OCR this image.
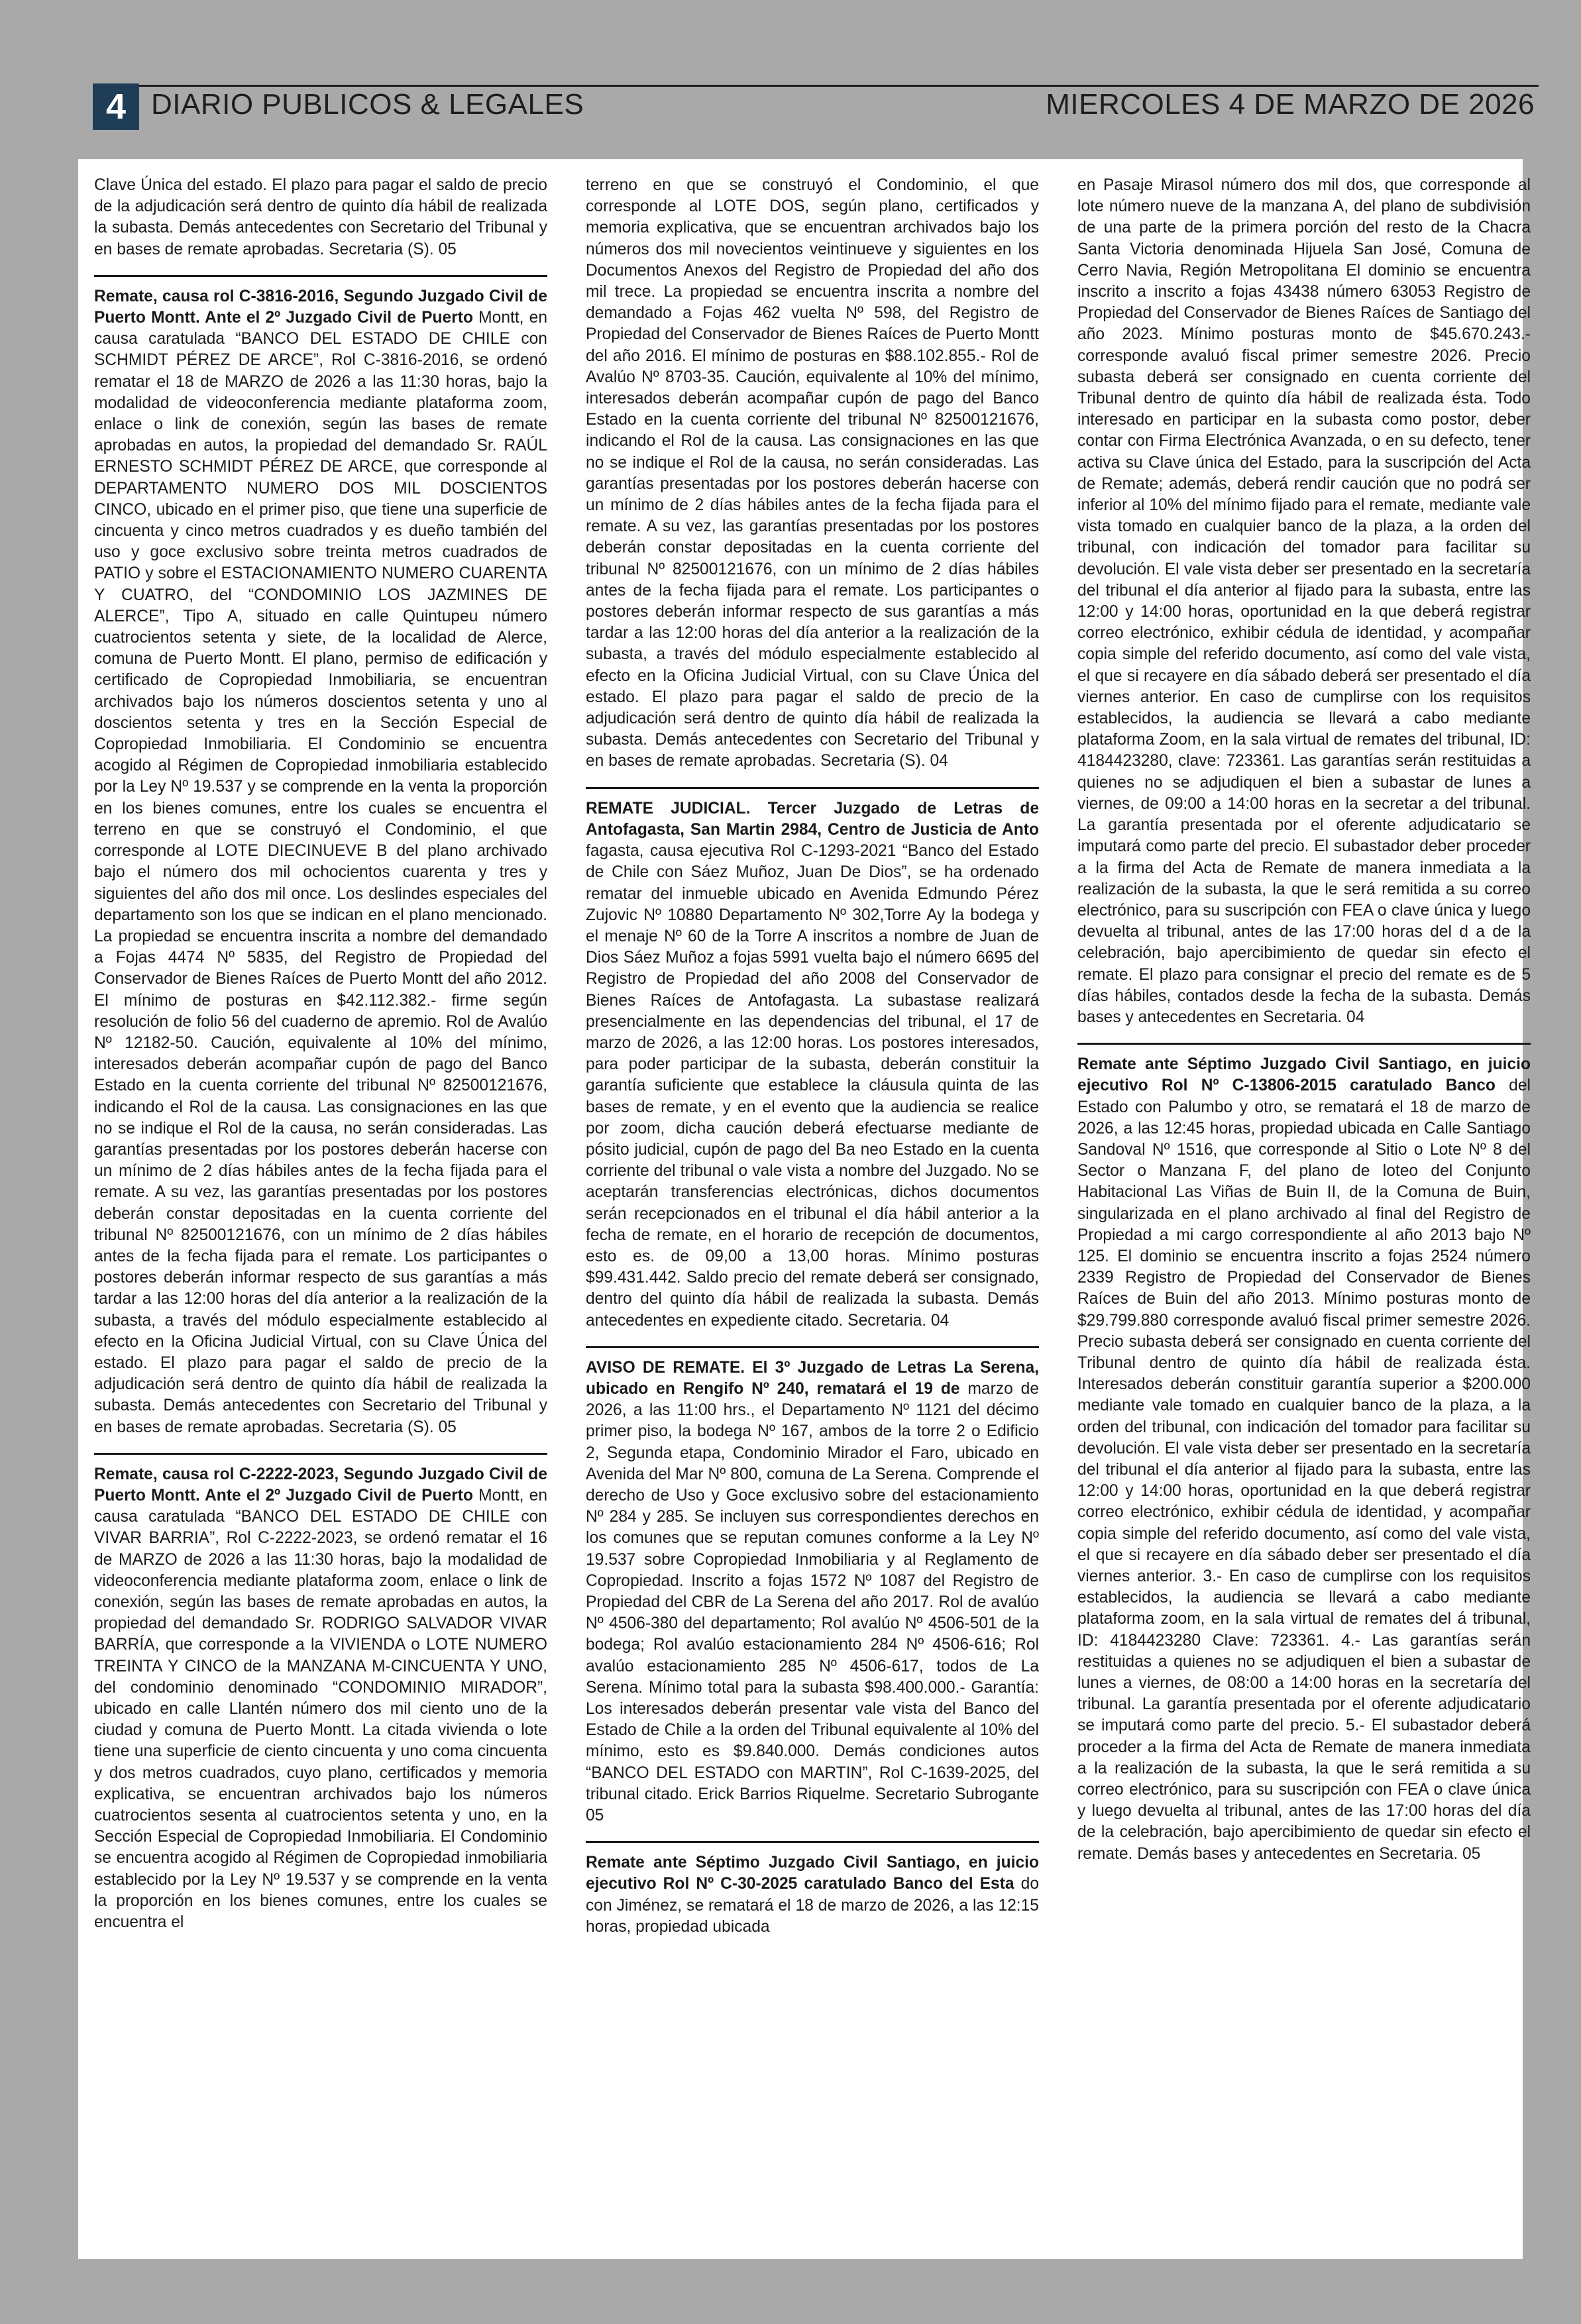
4 DIARIO PUBLICOS & LEGALES	MIERCOLES 4 DE MARZO DE 2026

Clave Única del estado. El plazo para pagar el saldo de precio de la adjudicación será dentro de quinto día hábil de realizada la subasta. Demás antecedentes con Secretario del Tribunal y en bases de remate aprobadas. Secretaria (S). 05

Remate, causa rol C-3816-2016, Segundo Juzgado Civil de Puerto Montt. Ante el 2º Juzgado Civil de Puerto Montt, en causa caratulada “BANCO DEL ESTADO DE CHILE con SCHMIDT PÉREZ DE ARCE”, Rol C-3816-2016, se ordenó rematar el 18 de MARZO de 2026 a las 11:30 horas, bajo la modalidad de videoconferencia mediante plataforma zoom, enlace o link de conexión, según las bases de remate aprobadas en autos, la propiedad del demandado Sr. RAÚL ERNESTO SCHMIDT PÉREZ DE ARCE, que corresponde al DEPARTAMENTO NUMERO DOS MIL DOSCIENTOS CINCO, ubicado en el primer piso, que tiene una superficie de cincuenta y cinco metros cuadrados y es dueño también del uso y goce exclusivo sobre treinta metros cuadrados de PATIO y sobre el ESTACIONAMIENTO NUMERO CUARENTA Y CUATRO, del “CONDOMINIO LOS JAZMINES DE ALERCE”, Tipo A, situado en calle Quintupeu número cuatrocientos setenta y siete, de la localidad de Alerce, comuna de Puerto Montt. El plano, permiso de edificación y certificado de Copropiedad Inmobiliaria, se encuentran archivados bajo los números doscientos setenta y uno al doscientos setenta y tres en la Sección Especial de Copropiedad Inmobiliaria. El Condominio se encuentra acogido al Régimen de Copropiedad inmobiliaria establecido por la Ley Nº 19.537 y se comprende en la venta la proporción en los bienes comunes, entre los cuales se encuentra el terreno en que se construyó el Condominio, el que corresponde al LOTE DIECINUEVE B del plano archivado bajo el número dos mil ochocientos cuarenta y tres y siguientes del año dos mil once. Los deslindes especiales del departamento son los que se indican en el plano mencionado. La propiedad se encuentra inscrita a nombre del demandado a Fojas 4474 Nº 5835, del Registro de Propiedad del Conservador de Bienes Raíces de Puerto Montt del año 2012. El mínimo de posturas en $42.112.382.- firme según resolución de folio 56 del cuaderno de apremio. Rol de Avalúo Nº 12182-50. Caución, equivalente al 10% del mínimo, interesados deberán acompañar cupón de pago del Banco Estado en la cuenta corriente del tribunal Nº 82500121676, indicando el Rol de la causa. Las consignaciones en las que no se indique el Rol de la causa, no serán consideradas. Las garantías presentadas por los postores deberán hacerse con un mínimo de 2 días hábiles antes de la fecha fijada para el remate. A su vez, las garantías presentadas por los postores deberán constar depositadas en la cuenta corriente del tribunal Nº 82500121676, con un mínimo de 2 días hábiles antes de la fecha fijada para el remate. Los participantes o postores deberán informar respecto de sus garantías a más tardar a las 12:00 horas del día anterior a la realización de la subasta, a través del módulo especialmente establecido al efecto en la Oficina Judicial Virtual, con su Clave Única del estado. El plazo para pagar el saldo de precio de la adjudicación será dentro de quinto día hábil de realizada la subasta. Demás antecedentes con Secretario del Tribunal y en bases de remate aprobadas. Secretaria (S). 05

Remate, causa rol C-2222-2023, Segundo Juzgado Civil de Puerto Montt. Ante el 2º Juzgado Civil de Puerto Montt, en causa caratulada “BANCO DEL ESTADO DE CHILE con VIVAR BARRIA”, Rol C-2222-2023, se ordenó rematar el 16 de MARZO de 2026 a las 11:30 horas, bajo la modalidad de videoconferencia mediante plataforma zoom, enlace o link de conexión, según las bases de remate aprobadas en autos, la propiedad del demandado Sr. RODRIGO SALVADOR VIVAR BARRÍA, que corresponde a la VIVIENDA o LOTE NUMERO TREINTA Y CINCO de la MANZANA M-CINCUENTA Y UNO, del condominio denominado “CONDOMINIO MIRADOR”, ubicado en calle Llantén número dos mil ciento uno de la ciudad y comuna de Puerto Montt. La citada vivienda o lote tiene una superficie de ciento cincuenta y uno coma cincuenta y dos metros cuadrados, cuyo plano, certificados y memoria explicativa, se encuentran archivados bajo los números cuatrocientos sesenta al cuatrocientos setenta y uno, en la Sección Especial de Copropiedad Inmobiliaria. El Condominio se encuentra acogido al Régimen de Copropiedad inmobiliaria establecido por la Ley Nº 19.537 y se comprende en la venta la proporción en los bienes comunes, entre los cuales se encuentra el

terreno en que se construyó el Condominio, el que corresponde al LOTE DOS, según plano, certificados y memoria explicativa, que se encuentran archivados bajo los números dos mil novecientos veintinueve y siguientes en los Documentos Anexos del Registro de Propiedad del año dos mil trece. La propiedad se encuentra inscrita a nombre del demandado a Fojas 462 vuelta Nº 598, del Registro de Propiedad del Conservador de Bienes Raíces de Puerto Montt del año 2016. El mínimo de posturas en $88.102.855.- Rol de Avalúo Nº 8703-35. Caución, equivalente al 10% del mínimo, interesados deberán acompañar cupón de pago del Banco Estado en la cuenta corriente del tribunal Nº 82500121676, indicando el Rol de la causa. Las consignaciones en las que no se indique el Rol de la causa, no serán consideradas. Las garantías presentadas por los postores deberán hacerse con un mínimo de 2 días hábiles antes de la fecha fijada para el remate. A su vez, las garantías presentadas por los postores deberán constar depositadas en la cuenta corriente del tribunal Nº 82500121676, con un mínimo de 2 días hábiles antes de la fecha fijada para el remate. Los participantes o postores deberán informar respecto de sus garantías a más tardar a las 12:00 horas del día anterior a la realización de la subasta, a través del módulo especialmente establecido al efecto en la Oficina Judicial Virtual, con su Clave Única del estado. El plazo para pagar el saldo de precio de la adjudicación será dentro de quinto día hábil de realizada la subasta. Demás antecedentes con Secretario del Tribunal y en bases de remate aprobadas. Secretaria (S). 04

REMATE JUDICIAL. Tercer Juzgado de Letras de Antofagasta, San Martin 2984, Centro de Justicia de Anto fagasta, causa ejecutiva Rol C-1293-2021 “Banco del Estado de Chile con Sáez Muñoz, Juan De Dios”, se ha ordenado rematar del inmueble ubicado en Avenida Edmundo Pérez Zujovic Nº 10880 Departamento Nº 302,Torre Ay la bodega y el menaje Nº 60 de la Torre A inscritos a nombre de Juan de Dios Sáez Muñoz a fojas 5991 vuelta bajo el número 6695 del Registro de Propiedad del año 2008 del Conservador de Bienes Raíces de Antofagasta. La subastase realizará presencialmente en las dependencias del tribunal, el 17 de marzo de 2026, a las 12:00 horas. Los postores interesados, para poder participar de la subasta, deberán constituir la garantía suficiente que establece la cláusula quinta de las bases de remate, y en el evento que la audiencia se realice por zoom, dicha caución deberá efectuarse mediante de pósito judicial, cupón de pago del Ba neo Estado en la cuenta corriente del tribunal o vale vista a nombre del Juzgado. No se aceptarán transferencias electrónicas, dichos documentos serán recepcionados en el tribunal el día hábil anterior a la fecha de remate, en el horario de recepción de documentos, esto es. de 09,00 a 13,00 horas. Mínimo posturas $99.431.442. Saldo precio del remate deberá ser consignado, dentro del quinto día hábil de realizada la subasta. Demás antecedentes en expediente citado. Secretaria. 04

AVISO DE REMATE. El 3º Juzgado de Letras La Serena, ubicado en Rengifo Nº 240, rematará el 19 de marzo de 2026, a las 11:00 hrs., el Departamento Nº 1121 del décimo primer piso, la bodega Nº 167, ambos de la torre 2 o Edificio 2, Segunda etapa, Condominio Mirador el Faro, ubicado en Avenida del Mar Nº 800, comuna de La Serena. Comprende el derecho de Uso y Goce exclusivo sobre del estacionamiento Nº 284 y 285. Se incluyen sus correspondientes derechos en los comunes que se reputan comunes conforme a la Ley Nº 19.537 sobre Copropiedad Inmobiliaria y al Reglamento de Copropiedad. Inscrito a fojas 1572 Nº 1087 del Registro de Propiedad del CBR de La Serena del año 2017. Rol de avalúo Nº 4506-380 del departamento; Rol avalúo Nº 4506-501 de la bodega; Rol avalúo estacionamiento 284 Nº 4506-616; Rol avalúo estacionamiento 285 Nº 4506-617, todos de La Serena. Mínimo total para la subasta $98.400.000.- Garantía: Los interesados deberán presentar vale vista del Banco del Estado de Chile a la orden del Tribunal equivalente al 10% del mínimo, esto es $9.840.000. Demás condiciones autos “BANCO DEL ESTADO con MARTIN”, Rol C-1639-2025, del tribunal citado. Erick Barrios Riquelme. Secretario Subrogante 05

Remate ante Séptimo Juzgado Civil Santiago, en juicio ejecutivo Rol Nº C-30-2025 caratulado Banco del Esta do con Jiménez, se rematará el 18 de marzo de 2026, a las 12:15 horas, propiedad ubicada

en Pasaje Mirasol número dos mil dos, que corresponde al lote número nueve de la manzana A, del plano de subdivisión de una parte de la primera porción del resto de la Chacra Santa Victoria denominada Hijuela San José, Comuna de Cerro Navia, Región Metropolitana El dominio se encuentra inscrito a inscrito a fojas 43438 número 63053 Registro de Propiedad del Conservador de Bienes Raíces de Santiago del año 2023. Mínimo posturas monto de $45.670.243.- corresponde avaluó fiscal primer semestre 2026. Precio subasta deberá ser consignado en cuenta corriente del Tribunal dentro de quinto día hábil de realizada ésta. Todo interesado en participar en la subasta como postor, deber contar con Firma Electrónica Avanzada, o en su defecto, tener activa su Clave única del Estado, para la suscripción del Acta de Remate; además, deberá rendir caución que no podrá ser inferior al 10% del mínimo fijado para el remate, mediante vale vista tomado en cualquier banco de la plaza, a la orden del tribunal, con indicación del tomador para facilitar su devolución. El vale vista deber ser presentado en la secretaría del tribunal el día anterior al fijado para la subasta, entre las 12:00 y 14:00 horas, oportunidad en la que deberá registrar correo electrónico, exhibir cédula de identidad, y acompañar copia simple del referido documento, así como del vale vista, el que si recayere en día sábado deberá ser presentado el día viernes anterior. En caso de cumplirse con los requisitos establecidos, la audiencia se llevará a cabo mediante plataforma Zoom, en la sala virtual de remates del tribunal, ID: 4184423280, clave: 723361. Las garantías serán restituidas a quienes no se adjudiquen el bien a subastar de lunes a viernes, de 09:00 a 14:00 horas en la secretar a del tribunal. La garantía presentada por el oferente adjudicatario se imputará como parte del precio. El subastador deber proceder a la firma del Acta de Remate de manera inmediata a la realización de la subasta, la que le será remitida a su correo electrónico, para su suscripción con FEA o clave única y luego devuelta al tribunal, antes de las 17:00 horas del d a de la celebración, bajo apercibimiento de quedar sin efecto el remate. El plazo para consignar el precio del remate es de 5 días hábiles, contados desde la fecha de la subasta. Demás bases y antecedentes en Secretaria. 04

Remate ante Séptimo Juzgado Civil Santiago, en juicio ejecutivo Rol Nº C-13806-2015 caratulado Banco del Estado con Palumbo y otro, se rematará el 18 de marzo de 2026, a las 12:45 horas, propiedad ubicada en Calle Santiago Sandoval Nº 1516, que corresponde al Sitio o Lote Nº 8 del Sector o Manzana F, del plano de loteo del Conjunto Habitacional Las Viñas de Buin II, de la Comuna de Buin, singularizada en el plano archivado al final del Registro de Propiedad a mi cargo correspondiente al año 2013 bajo Nº 125. El dominio se encuentra inscrito a fojas 2524 número 2339 Registro de Propiedad del Conservador de Bienes Raíces de Buin del año 2013. Mínimo posturas monto de $29.799.880 corresponde avaluó fiscal primer semestre 2026. Precio subasta deberá ser consignado en cuenta corriente del Tribunal dentro de quinto día hábil de realizada ésta. Interesados deberán constituir garantía superior a $200.000 mediante vale tomado en cualquier banco de la plaza, a la orden del tribunal, con indicación del tomador para facilitar su devolución. El vale vista deber ser presentado en la secretaría del tribunal el día anterior al fijado para la subasta, entre las 12:00 y 14:00 horas, oportunidad en la que deberá registrar correo electrónico, exhibir cédula de identidad, y acompañar copia simple del referido documento, así como del vale vista, el que si recayere en día sábado deber ser presentado el día viernes anterior. 3.- En caso de cumplirse con los requisitos establecidos, la audiencia se llevará a cabo mediante plataforma zoom, en la sala virtual de remates del á tribunal, ID: 4184423280 Clave: 723361. 4.- Las garantías serán restituidas a quienes no se adjudiquen el bien a subastar de lunes a viernes, de 08:00 a 14:00 horas en la secretaría del tribunal. La garantía presentada por el oferente adjudicatario se imputará como parte del precio. 5.- El subastador deberá proceder a la firma del Acta de Remate de manera inmediata a la realización de la subasta, la que le será remitida a su correo electrónico, para su suscripción con FEA o clave única y luego devuelta al tribunal, antes de las 17:00 horas del día de la celebración, bajo apercibimiento de quedar sin efecto el remate. Demás bases y antecedentes en Secretaria. 05
